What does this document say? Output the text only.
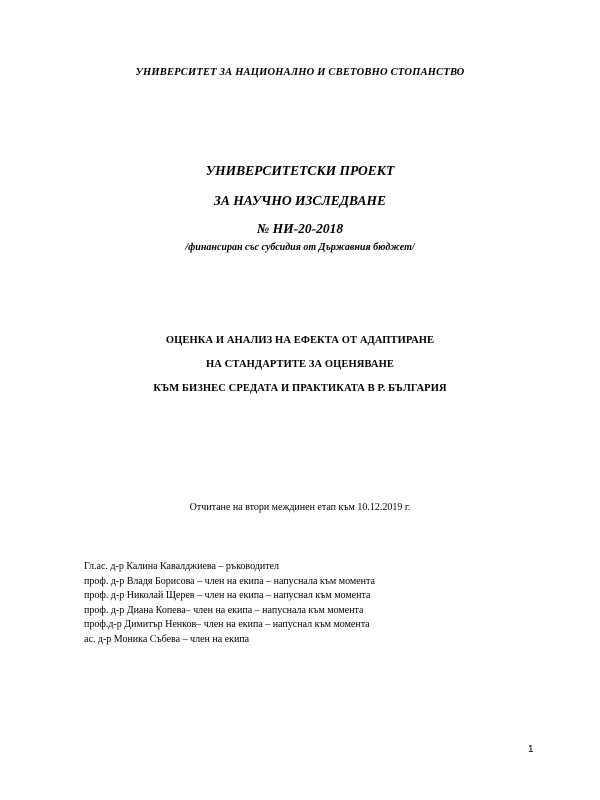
УНИВЕРСИТЕТ ЗА НАЦИОНАЛНО И СВЕТОВНО СТОПАНСТВО
УНИВЕРСИТЕТСКИ ПРОЕКТ
ЗА НАУЧНО ИЗСЛЕДВАНЕ
№ НИ-20-2018
/финансиран със субсидия от Държавния бюджет/
ОЦЕНКА И АНАЛИЗ НА ЕФЕКТА ОТ АДАПТИРАНЕ
НА СТАНДАРТИТЕ ЗА ОЦЕНЯВАНЕ
КЪМ БИЗНЕС СРЕДАТА И ПРАКТИКАТА В Р. БЪЛГАРИЯ
Отчитане на втори междинен етап към 10.12.2019 г.
Гл.ас. д-р Калина Кавалджиева – ръководител
проф. д-р Владя Борисова – член на екипа – напуснала към момента
проф. д-р Николай Щерев – член на екипа – напуснал към момента
проф. д-р Диана Копева– член на екипа – напуснала към момента
проф.д-р Димитър Ненков– член на екипа – напуснал към момента
ас. д-р Моника Събева – член на екипа
1
